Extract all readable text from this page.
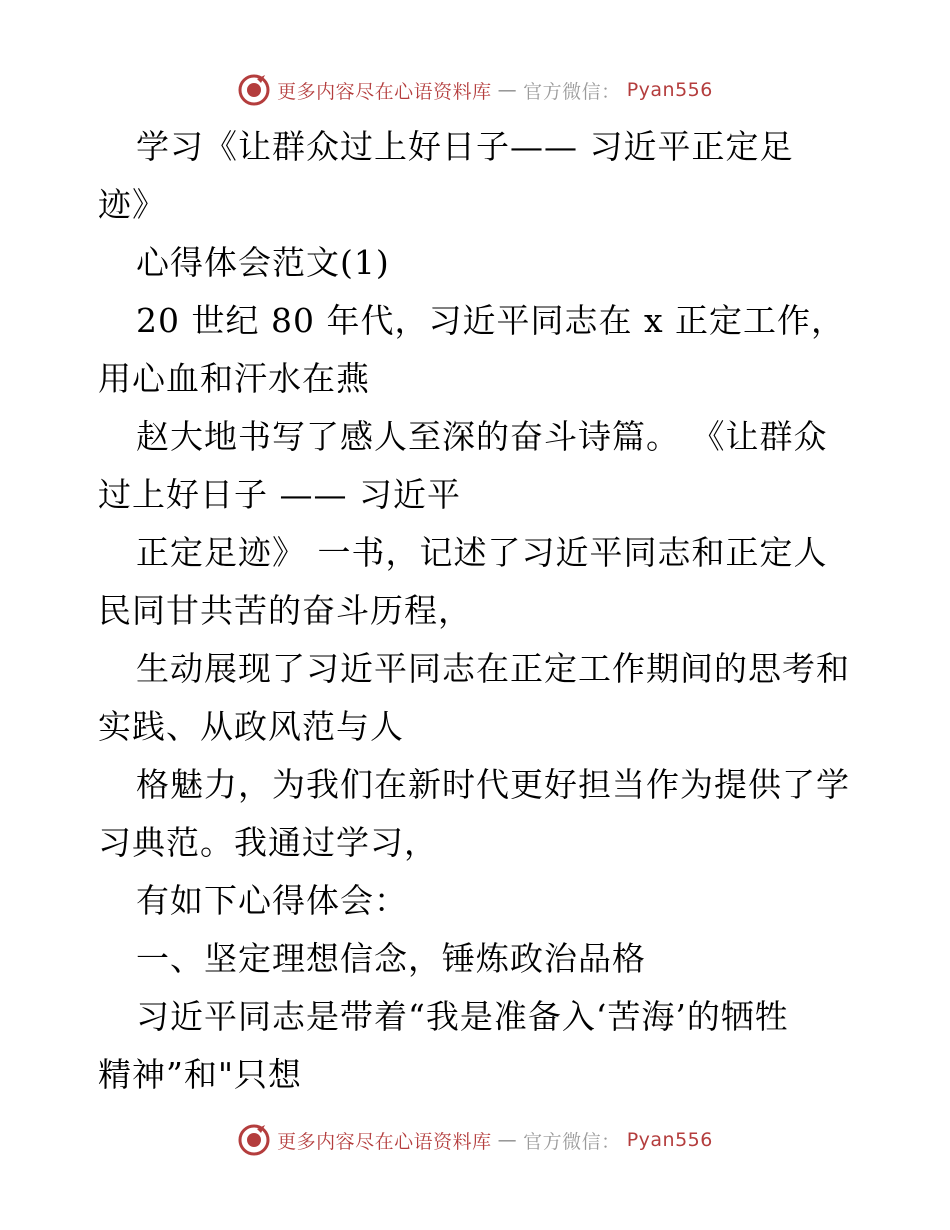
更多内容尽在心语资料库 — 官方微信： Pyan556
学习《让群众过上好日子—— 习近平正定足
迹》
心得体会范文(1)
20 世纪 80 年代，习近平同志在 x 正定工作，
用心血和汗水在燕
赵大地书写了感人至深的奋斗诗篇。 《让群众
过上好日子 —— 习近平
正定足迹》 一书，记述了习近平同志和正定人
民同甘共苦的奋斗历程，
生动展现了习近平同志在正定工作期间的思考和
实践、从政风范与人
格魅力，为我们在新时代更好担当作为提供了学
习典范。我通过学习，
有如下心得体会：
一、坚定理想信念，锤炼政治品格
习近平同志是带着“我是准备入‘苦海’的牺牲
精神”和"只想
更多内容尽在心语资料库 — 官方微信： Pyan556
